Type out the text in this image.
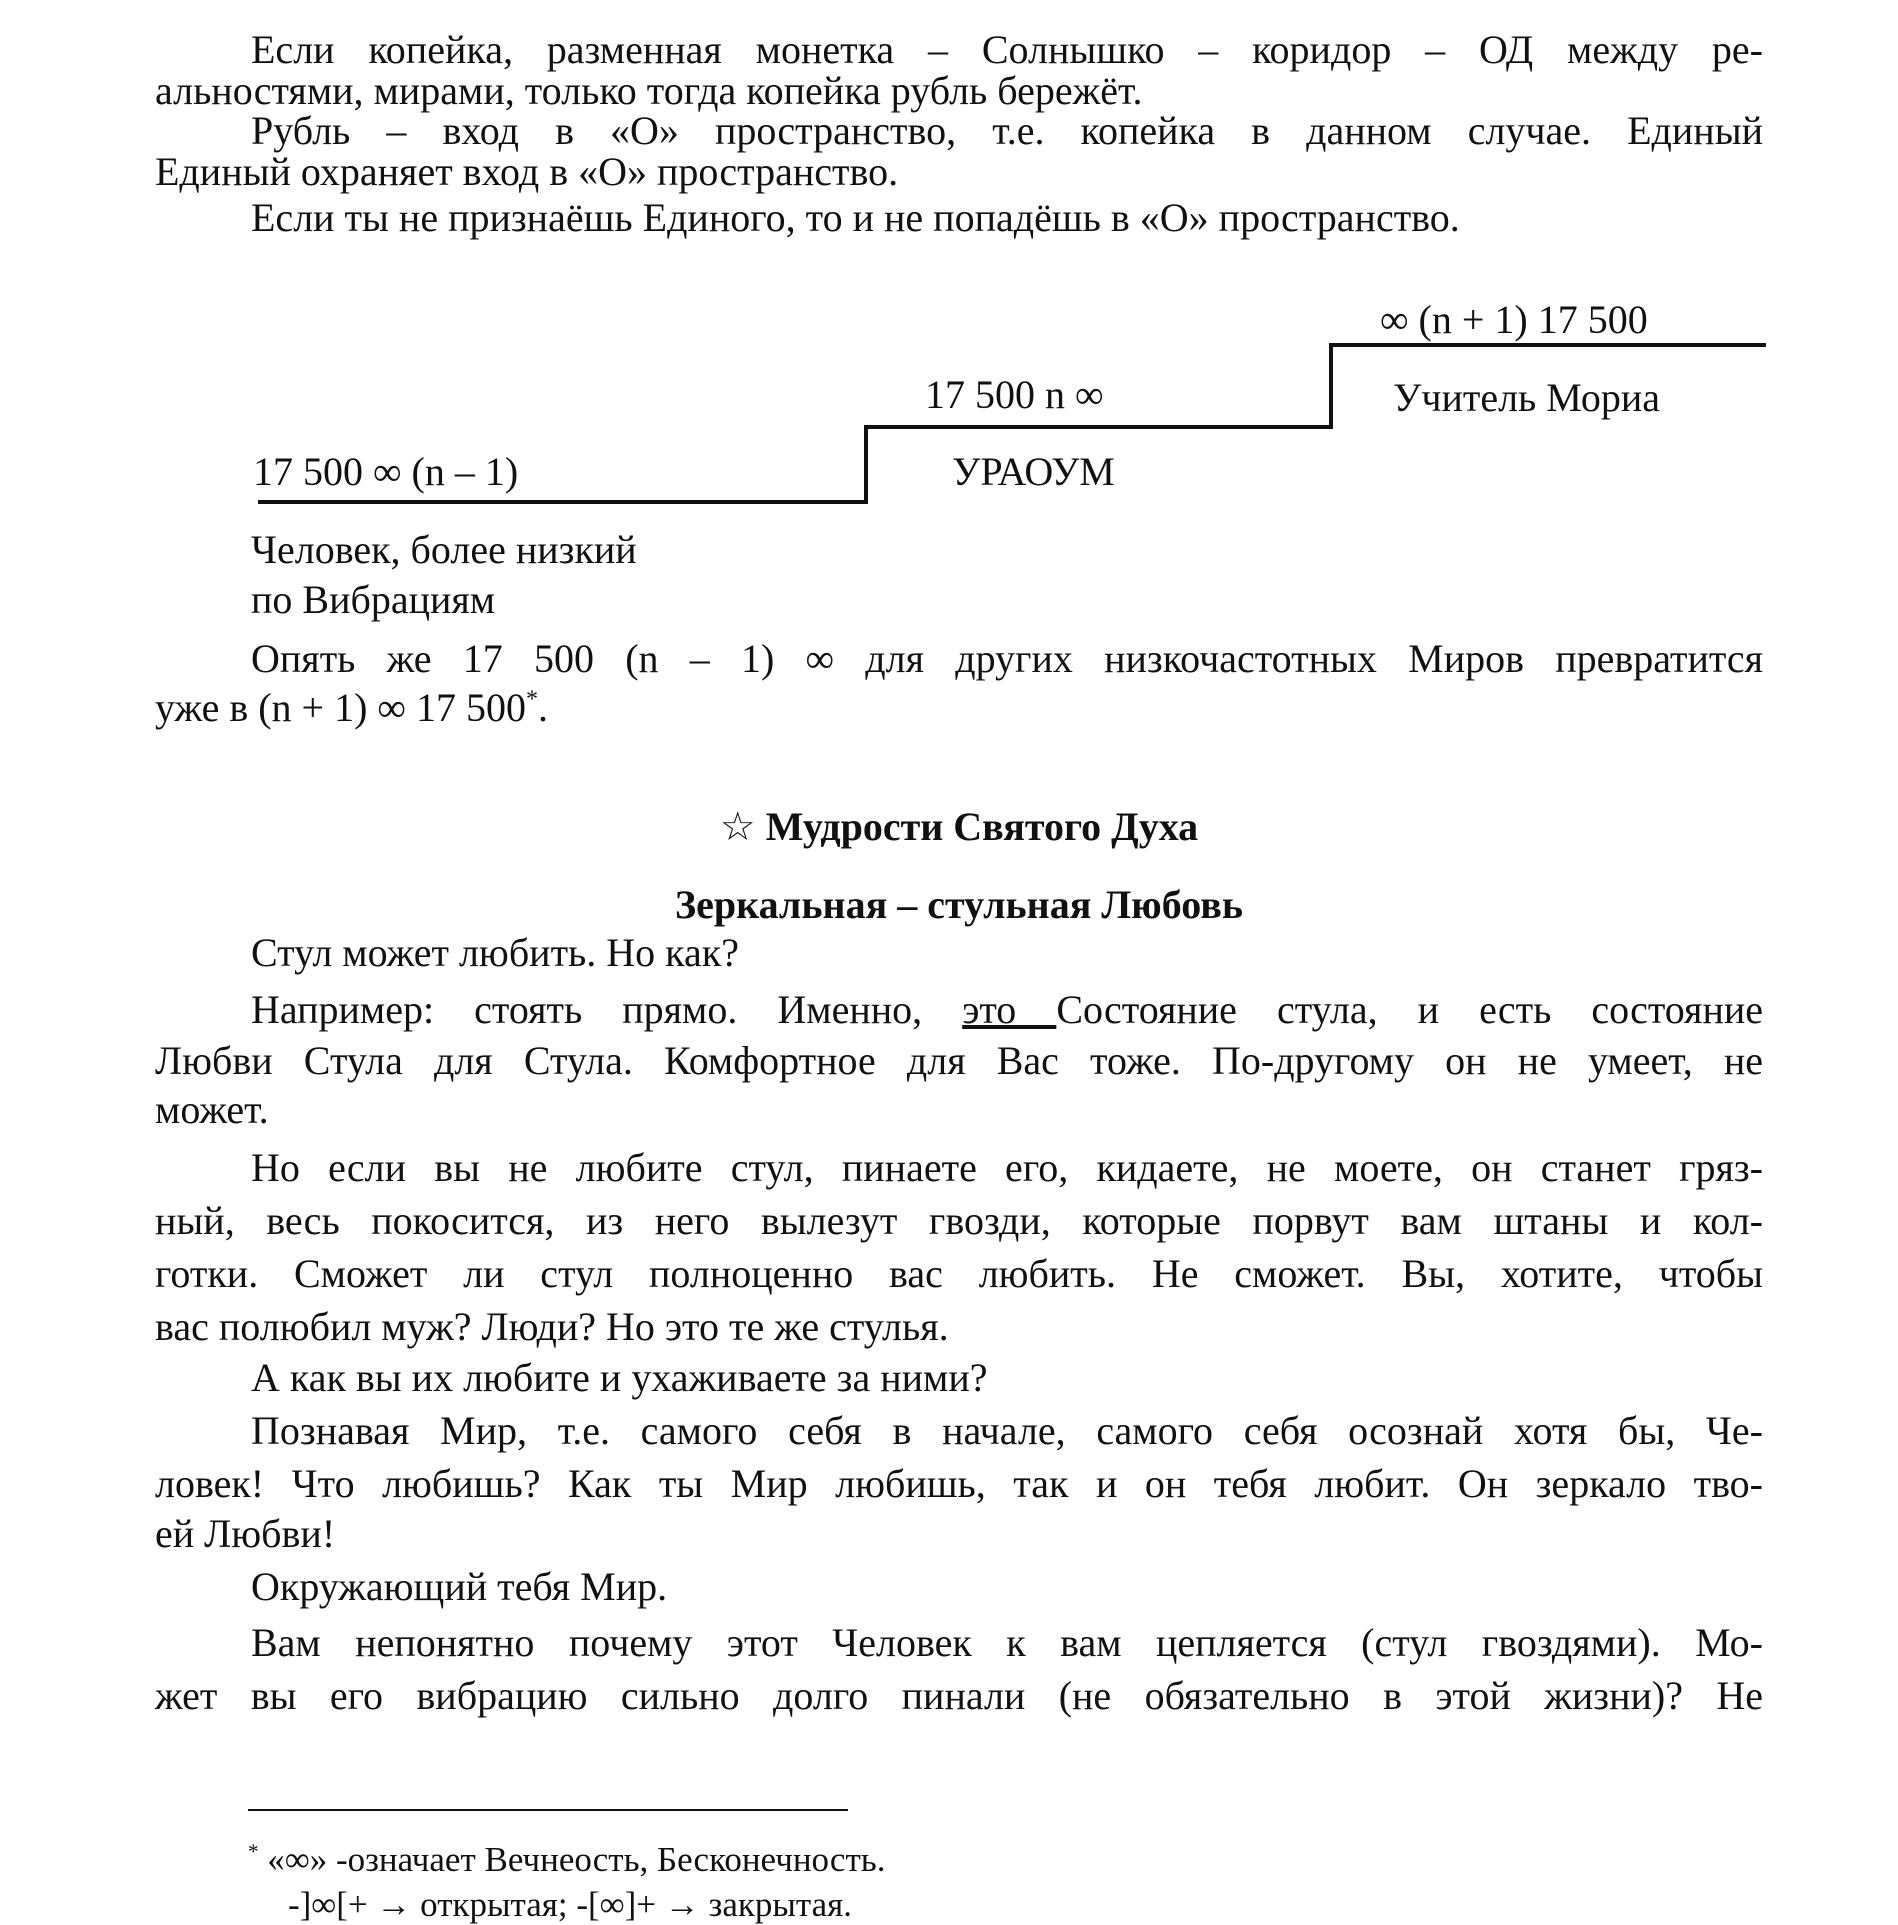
Если копейка, разменная монетка – Солнышко – коридор – ОД между ре-
альностями, мирами, только тогда копейка рубль бережёт.
Рубль – вход в «О» пространство, т.е. копейка в данном случае. Единый
Единый охраняет вход в «О» пространство.
Если ты не признаёшь Единого, то и не попадёшь в «О» пространство.
∞ (n + 1) 17 500
17 500 n ∞	Учитель Мориа
17 500 ∞ (n – 1)	УРАОУМ
Человек, более низкий
по Вибрациям
Опять же 17 500 (n – 1) ∞ для других низкочастотных Миров превратится
уже в (n + 1) ∞ 17 500*.
☆ Мудрости Святого Духа
Зеркальная – стульная Любовь
Стул может любить. Но как?
Например: стоять прямо. Именно, это Состояние стула, и есть состояние
Любви Стула для Стула. Комфортное для Вас тоже. По-другому он не умеет, не
может.
Но если вы не любите стул, пинаете его, кидаете, не моете, он станет гряз-
ный, весь покосится, из него вылезут гвозди, которые порвут вам штаны и кол-
готки. Сможет ли стул полноценно вас любить. Не сможет. Вы, хотите, чтобы
вас полюбил муж? Люди? Но это те же стулья.
А как вы их любите и ухаживаете за ними?
Познавая Мир, т.е. самого себя в начале, самого себя осознай хотя бы, Че-
ловек! Что любишь? Как ты Мир любишь, так и он тебя любит. Он зеркало тво-
ей Любви!
Окружающий тебя Мир.
Вам непонятно почему этот Человек к вам цепляется (стул гвоздями). Мо-
жет вы его вибрацию сильно долго пинали (не обязательно в этой жизни)? Не
* «∞» -означает Вечнеость, Бесконечность.
-]∞[+ → открытая; -[∞]+ → закрытая.
